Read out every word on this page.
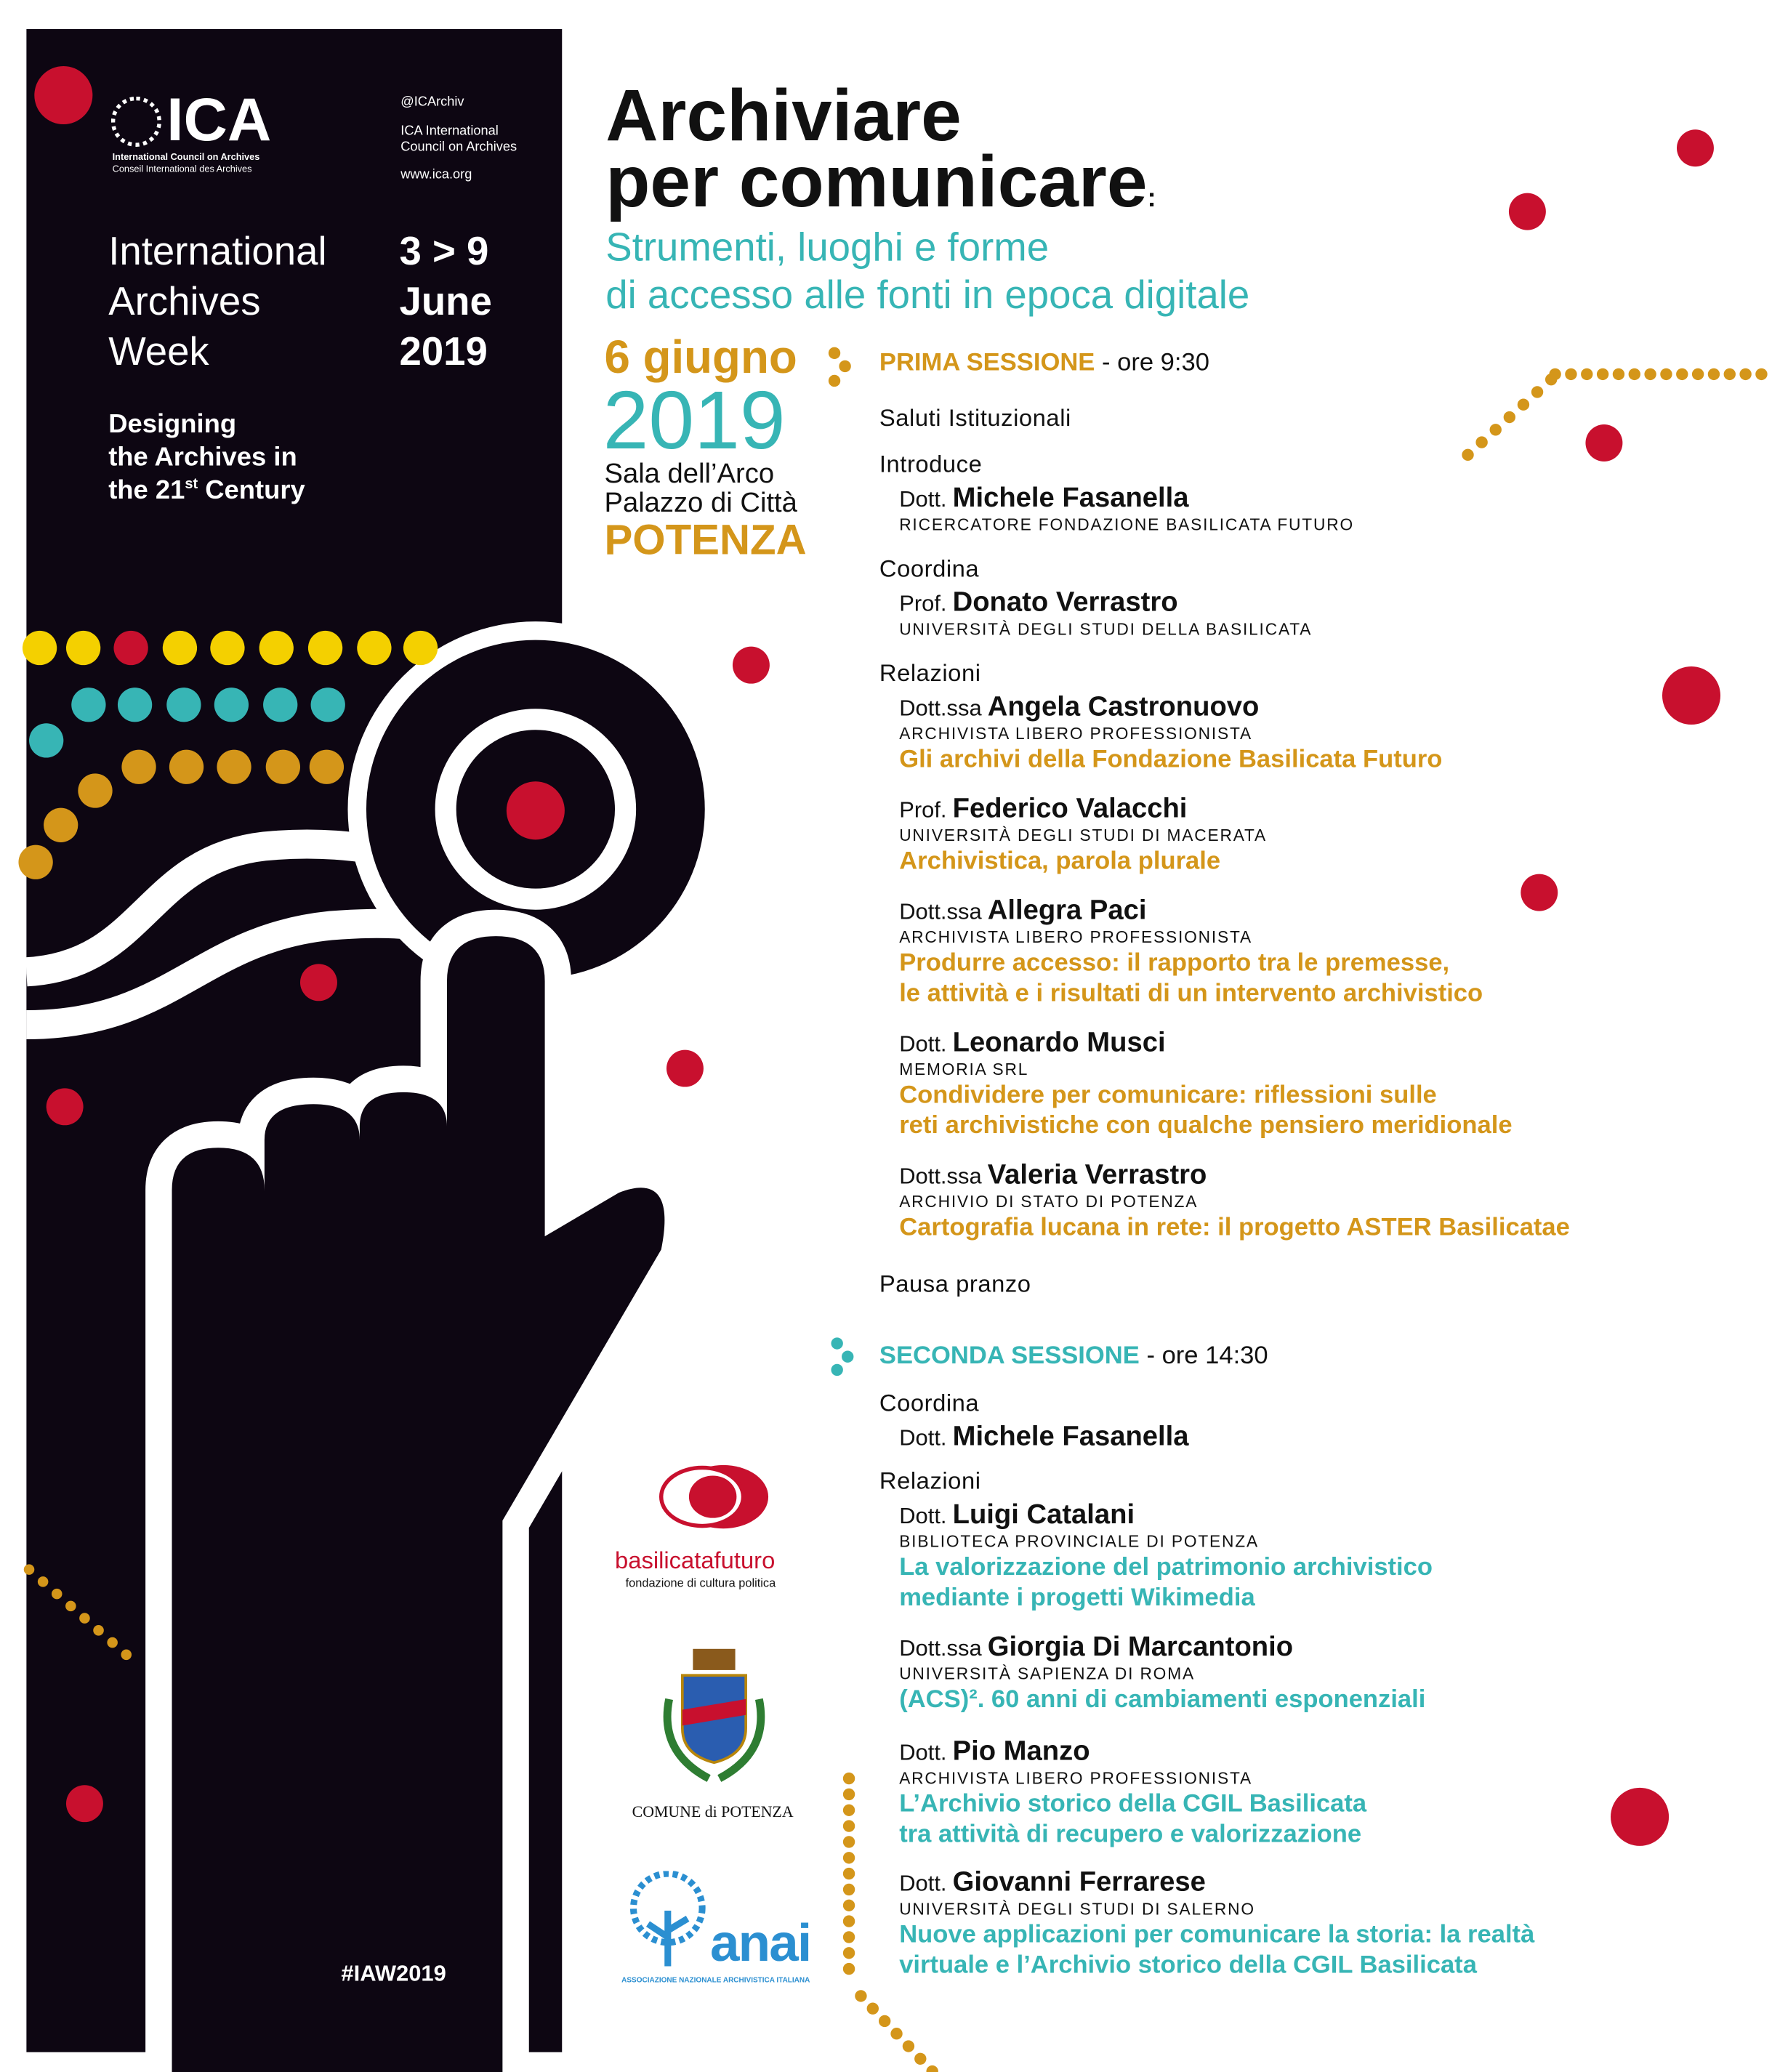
ICA
International Council on Archives
Conseil International des Archives
@ICArchiv
ICA International
Council on Archives
www.ica.org
International
Archives
Week
3 > 9
June
2019
Designing
the Archives in
the 21st Century
#IAW2019
Archiviare
per comunicare:
Strumenti, luoghi e forme
di accesso alle fonti in epoca digitale
6 giugno
2019
Sala dell’Arco
Palazzo di Città
POTENZA
PRIMA SESSIONE - ore 9:30
Saluti Istituzionali
Introduce
Coordina
Relazioni
Pausa pranzo
SECONDA SESSIONE - ore 14:30
Coordina
Relazioni
Dott. Michele Fasanella
RICERCATORE FONDAZIONE BASILICATA FUTURO
Prof. Donato Verrastro
UNIVERSITÀ DEGLI STUDI DELLA BASILICATA
Dott.ssa Angela Castronuovo
ARCHIVISTA LIBERO PROFESSIONISTA
Gli archivi della Fondazione Basilicata Futuro
Prof. Federico Valacchi
UNIVERSITÀ DEGLI STUDI DI MACERATA
Archivistica, parola plurale
Dott.ssa Allegra Paci
ARCHIVISTA LIBERO PROFESSIONISTA
Produrre accesso: il rapporto tra le premesse,
le attività e i risultati di un intervento archivistico
Dott. Leonardo Musci
MEMORIA SRL
Condividere per comunicare: riflessioni sulle
reti archivistiche con qualche pensiero meridionale
Dott.ssa Valeria Verrastro
ARCHIVIO DI STATO DI POTENZA
Cartografia lucana in rete: il progetto ASTER Basilicatae
Dott. Michele Fasanella
Dott. Luigi Catalani
BIBLIOTECA PROVINCIALE DI POTENZA
La valorizzazione del patrimonio archivistico
mediante i progetti Wikimedia
Dott.ssa Giorgia Di Marcantonio
UNIVERSITÀ SAPIENZA DI ROMA
(ACS)². 60 anni di cambiamenti esponenziali
Dott. Pio Manzo
ARCHIVISTA LIBERO PROFESSIONISTA
L’Archivio storico della CGIL Basilicata
tra attività di recupero e valorizzazione
Dott. Giovanni Ferrarese
UNIVERSITÀ DEGLI STUDI DI SALERNO
Nuove applicazioni per comunicare la storia: la realtà
virtuale e l’Archivio storico della CGIL Basilicata
basilicatafuturo
fondazione di cultura politica
COMUNE di POTENZA
anai
ASSOCIAZIONE NAZIONALE ARCHIVISTICA ITALIANA
